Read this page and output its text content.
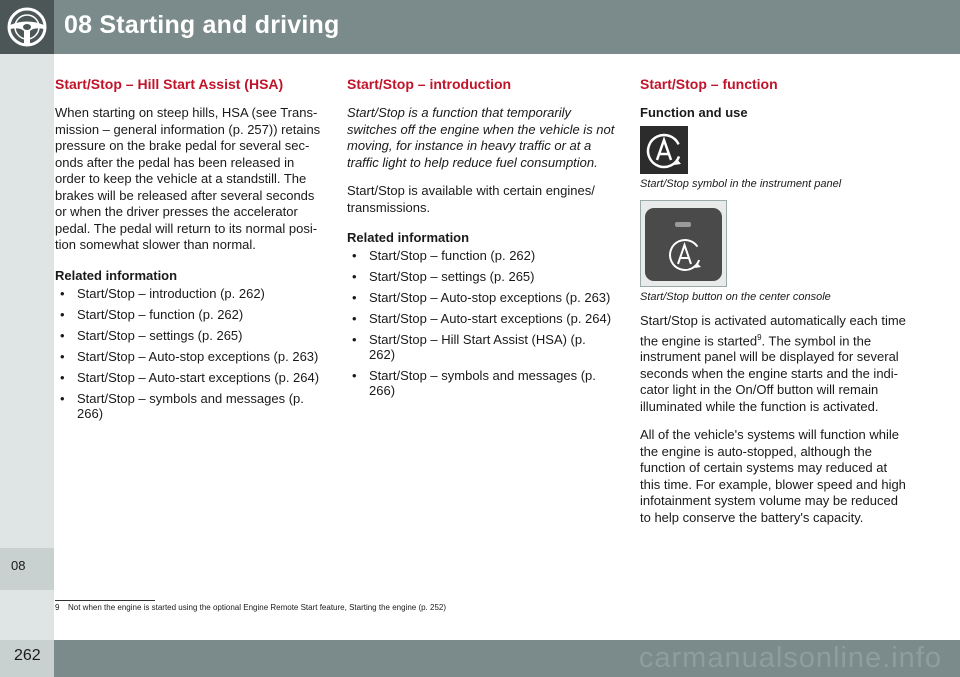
08 Starting and driving
08
Start/Stop – Hill Start Assist (HSA)

When starting on steep hills, HSA (see Trans-mission – general information (p. 257)) retains pressure on the brake pedal for several sec-onds after the pedal has been released in order to keep the vehicle at a standstill. The brakes will be released after several seconds or when the driver presses the accelerator pedal. The pedal will return to its normal posi-tion somewhat slower than normal.

Related information
• Start/Stop – introduction (p. 262)
• Start/Stop – function (p. 262)
• Start/Stop – settings (p. 265)
• Start/Stop – Auto-stop exceptions (p. 263)
• Start/Stop – Auto-start exceptions (p. 264)
• Start/Stop – symbols and messages (p. 266)
Start/Stop – introduction

Start/Stop is a function that temporarily switches off the engine when the vehicle is not moving, for instance in heavy traffic or at a traffic light to help reduce fuel consumption.

Start/Stop is available with certain engines/ transmissions.

Related information
• Start/Stop – function (p. 262)
• Start/Stop – settings (p. 265)
• Start/Stop – Auto-stop exceptions (p. 263)
• Start/Stop – Auto-start exceptions (p. 264)
• Start/Stop – Hill Start Assist (HSA) (p. 262)
• Start/Stop – symbols and messages (p. 266)
Start/Stop – function
Function and use
Start/Stop symbol in the instrument panel
Start/Stop button on the center console

Start/Stop is activated automatically each time the engine is started$^9$. The symbol in the instrument panel will be displayed for several seconds when the engine starts and the indi-cator light in the On/Off button will remain illuminated while the function is activated.

All of the vehicle's systems will function while the engine is auto-stopped, although the function of certain systems may reduced at this time. For example, blower speed and high infotainment system volume may be reduced to help conserve the battery's capacity.

9 Not when the engine is started using the optional Engine Remote Start feature, Starting the engine (p. 252)
262	carmanualsonline.info
